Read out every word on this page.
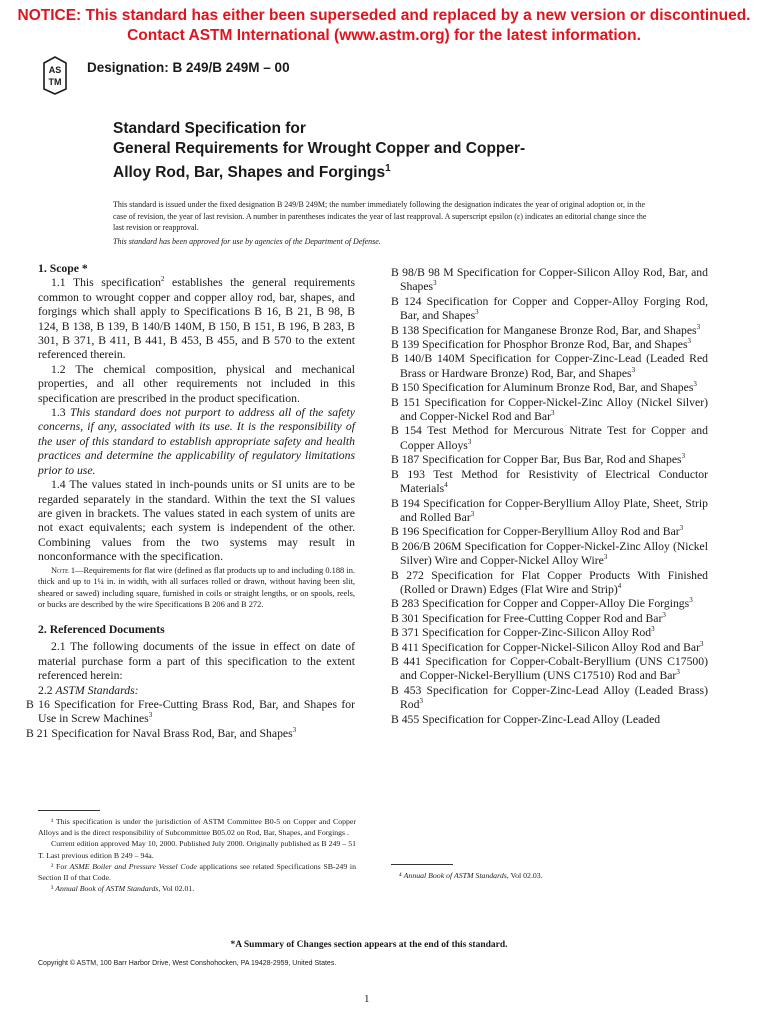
NOTICE: This standard has either been superseded and replaced by a new version or discontinued.
Contact ASTM International (www.astm.org) for the latest information.
AS
TM
Designation: B 249/B 249M – 00
Standard Specification for
General Requirements for Wrought Copper and Copper-
Alloy Rod, Bar, Shapes and Forgings$^1$
This standard is issued under the fixed designation B 249/B 249M; the number immediately following the designation indicates the year of original adoption or, in the case of revision, the year of last revision. A number in parentheses indicates the year of last reapproval. A superscript epsilon (ε) indicates an editorial change since the last revision or reapproval.
This standard has been approved for use by agencies of the Department of Defense.

1. Scope *

1.1 This specification$^2$ establishes the general requirements common to wrought copper and copper alloy rod, bar, shapes, and forgings which shall apply to Specifications B 16, B 21, B 98, B 124, B 138, B 139, B 140/B 140M, B 150, B 151, B 196, B 283, B 301, B 371, B 411, B 441, B 453, B 455, and B 570 to the extent referenced therein.

1.2 The chemical composition, physical and mechanical properties, and all other requirements not included in this specification are prescribed in the product specification.

1.3 This standard does not purport to address all of the safety concerns, if any, associated with its use. It is the responsibility of the user of this standard to establish appropriate safety and health practices and determine the applicability of regulatory limitations prior to use.

1.4 The values stated in inch-pounds units or SI units are to be regarded separately in the standard. Within the text the SI values are given in brackets. The values stated in each system of units are not exact equivalents; each system is independent of the other. Combining values from the two systems may result in nonconformance with the specification.

Note 1—Requirements for flat wire (defined as flat products up to and including 0.188 in. thick and up to 1¼ in. in width, with all surfaces rolled or drawn, without having been slit, sheared or sawed) including square, furnished in coils or straight lengths, or on spools, reels, or bucks are described by the wire Specifications B 206 and B 272.

2. Referenced Documents

2.1 The following documents of the issue in effect on date of material purchase form a part of this specification to the extent referenced herein:

2.2 ASTM Standards:

B 16 Specification for Free-Cutting Brass Rod, Bar, and Shapes for Use in Screw Machines$^3$

B 21 Specification for Naval Brass Rod, Bar, and Shapes$^3$

B 98/B 98 M Specification for Copper-Silicon Alloy Rod, Bar, and Shapes$^3$

B 124 Specification for Copper and Copper-Alloy Forging Rod, Bar, and Shapes$^3$

B 138 Specification for Manganese Bronze Rod, Bar, and Shapes$^3$

B 139 Specification for Phosphor Bronze Rod, Bar, and Shapes$^3$

B 140/B 140M Specification for Copper-Zinc-Lead (Leaded Red Brass or Hardware Bronze) Rod, Bar, and Shapes$^3$

B 150 Specification for Aluminum Bronze Rod, Bar, and Shapes$^3$

B 151 Specification for Copper-Nickel-Zinc Alloy (Nickel Silver) and Copper-Nickel Rod and Bar$^3$

B 154 Test Method for Mercurous Nitrate Test for Copper and Copper Alloys$^3$

B 187 Specification for Copper Bar, Bus Bar, Rod and Shapes$^3$

B 193 Test Method for Resistivity of Electrical Conductor Materials$^4$

B 194 Specification for Copper-Beryllium Alloy Plate, Sheet, Strip and Rolled Bar$^3$

B 196 Specification for Copper-Beryllium Alloy Rod and Bar$^3$

B 206/B 206M Specification for Copper-Nickel-Zinc Alloy (Nickel Silver) Wire and Copper-Nickel Alloy Wire$^3$

B 272 Specification for Flat Copper Products With Finished (Rolled or Drawn) Edges (Flat Wire and Strip)$^4$

B 283 Specification for Copper and Copper-Alloy Die Forgings$^3$

B 301 Specification for Free-Cutting Copper Rod and Bar$^3$

B 371 Specification for Copper-Zinc-Silicon Alloy Rod$^3$

B 411 Specification for Copper-Nickel-Silicon Alloy Rod and Bar$^3$

B 441 Specification for Copper-Cobalt-Beryllium (UNS C17500) and Copper-Nickel-Beryllium (UNS C17510) Rod and Bar$^3$

B 453 Specification for Copper-Zinc-Lead Alloy (Leaded Brass) Rod$^3$

B 455 Specification for Copper-Zinc-Lead Alloy (Leaded

¹ This specification is under the jurisdiction of ASTM Committee B0-5 on Copper and Copper Alloys and is the direct responsibility of Subcommittee B05.02 on Rod, Bar, Shapes, and Forgings .

Current edition approved May 10, 2000. Published July 2000. Originally published as B 249 – 51 T. Last previous edition B 249 – 94a.

² For ASME Boiler and Pressure Vessel Code applications see related Specifications SB-249 in Section II of that Code.

³ Annual Book of ASTM Standards, Vol 02.01.

⁴ Annual Book of ASTM Standards, Vol 02.03.

*A Summary of Changes section appears at the end of this standard.
Copyright © ASTM, 100 Barr Harbor Drive, West Conshohocken, PA 19428-2959, United States.
1
